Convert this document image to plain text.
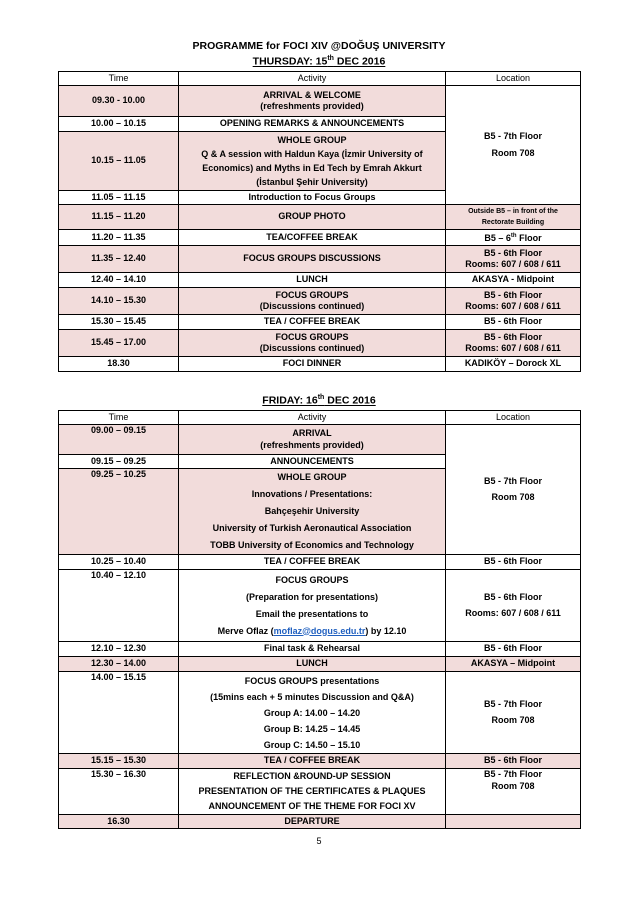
PROGRAMME for FOCI XIV @DOĞUŞ UNIVERSITY
THURSDAY: 15th DEC 2016
Time	Activity	Location
09.30 - 10.00	ARRIVAL & WELCOME
(refreshments provided)	B5 - 7th Floor
Room 708

10.00 – 10.15	OPENING REMARKS & ANNOUNCEMENTS	
10.15 – 11.05	WHOLE GROUP
Q & A session with Haldun Kaya (İzmir University of
Economics) and Myths in Ed Tech by Emrah Akkurt
(İstanbul Şehir University)	

11.05 – 11.15	Introduction to Focus Groups	
11.15 – 11.20	GROUP PHOTO	Outside B5 – in front of the
Rectorate Building

11.20 – 11.35	TEA/COFFEE BREAK	B5 – 6th Floor
11.35 – 12.40	FOCUS GROUPS DISCUSSIONS	B5 - 6th Floor
Rooms: 607 / 608 / 611

12.40 – 14.10	LUNCH	AKASYA - Midpoint
14.10 – 15.30	FOCUS GROUPS
(Discussions continued)	B5 - 6th Floor
Rooms: 607 / 608 / 611

15.30 – 15.45	TEA / COFFEE BREAK	B5 - 6th Floor
15.45 – 17.00	FOCUS GROUPS
(Discussions continued)	B5 - 6th Floor
Rooms: 607 / 608 / 611

18.30	FOCI DINNER	KADIKÖY – Dorock XL
FRIDAY: 16th DEC 2016
Time	Activity	Location
09.00 – 09.15	ARRIVAL
(refreshments provided)	B5 - 7th Floor
Room 708

09.15 – 09.25	ANNOUNCEMENTS	
09.25 – 10.25	WHOLE GROUP
Innovations / Presentations:
Bahçeşehir University
University of Turkish Aeronautical Association
TOBB University of Economics and Technology	

10.25 – 10.40	TEA / COFFEE BREAK	B5 - 6th Floor
10.40 – 12.10	FOCUS GROUPS
(Preparation for presentations)
Email the presentations to
Merve Oflaz (moflaz@dogus.edu.tr) by 12.10	B5 - 6th Floor
Rooms: 607 / 608 / 611

12.10 – 12.30	Final task & Rehearsal	B5 - 6th Floor
12.30 – 14.00	LUNCH	AKASYA – Midpoint
14.00 – 15.15	FOCUS GROUPS presentations
(15mins each + 5 minutes Discussion and Q&A)
Group A: 14.00 – 14.20
Group B: 14.25 – 14.45
Group C: 14.50 – 15.10	B5 - 7th Floor
Room 708

15.15 – 15.30	TEA / COFFEE BREAK	B5 - 6th Floor
15.30 – 16.30	REFLECTION &ROUND-UP SESSION
PRESENTATION OF THE CERTIFICATES & PLAQUES
ANNOUNCEMENT OF THE THEME FOR FOCI XV	B5 - 7th Floor
Room 708

16.30	DEPARTURE	
5
